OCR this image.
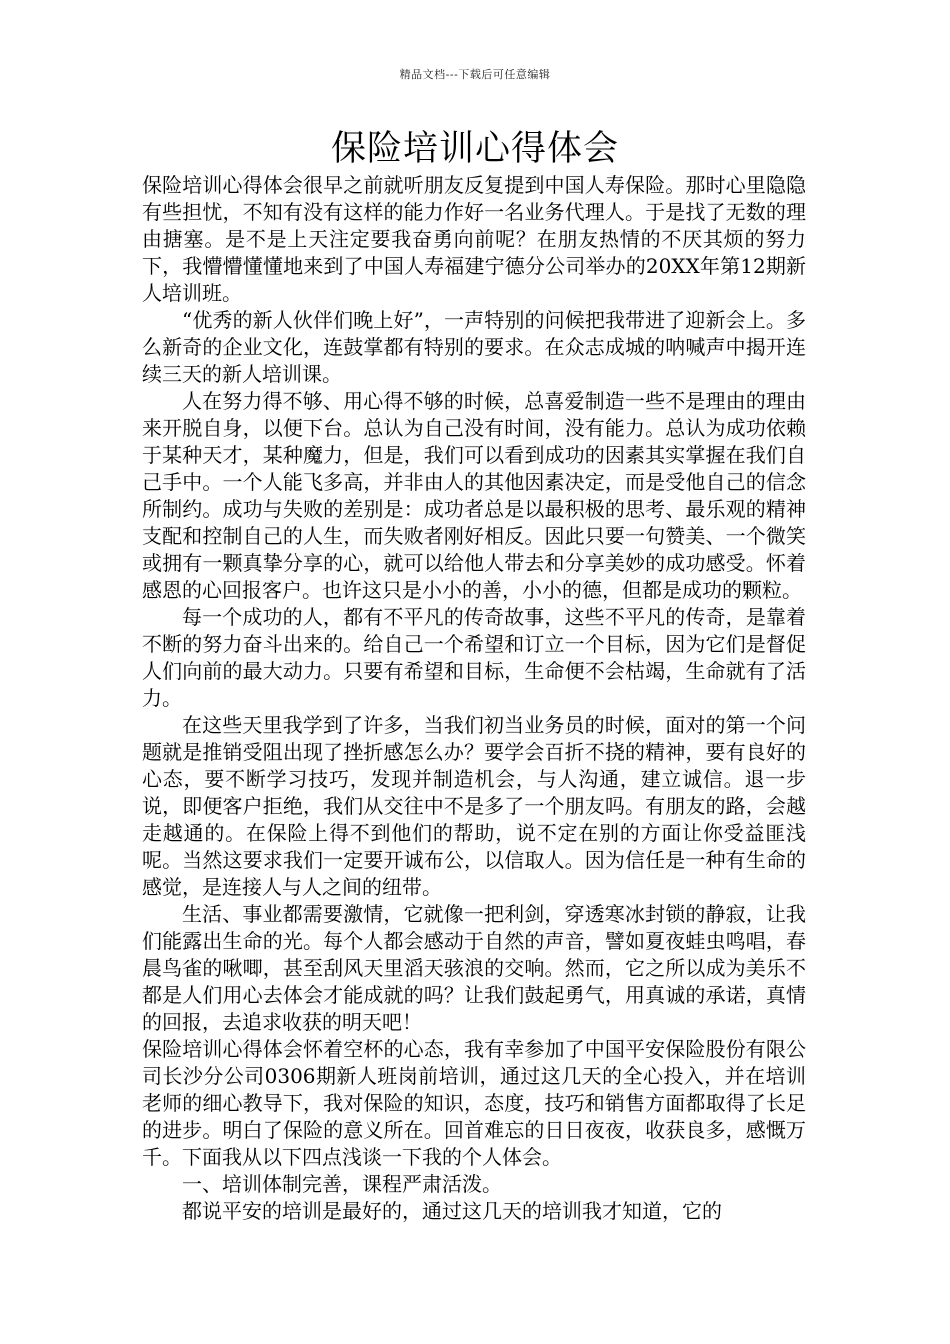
精品文档---下载后可任意编辑
保险培训心得体会

保险培训心得体会很早之前就听朋友反复提到中国人寿保险。那时心里隐隐有些担忧，不知有没有这样的能力作好一名业务代理人。于是找了无数的理由搪塞。是不是上天注定要我奋勇向前呢？在朋友热情的不厌其烦的努力下，我懵懵懂懂地来到了中国人寿福建宁德分公司举办的20XX年第12期新人培训班。

“优秀的新人伙伴们晚上好”，一声特别的问候把我带进了迎新会上。多么新奇的企业文化，连鼓掌都有特别的要求。在众志成城的呐喊声中揭开连续三天的新人培训课。

人在努力得不够、用心得不够的时候，总喜爱制造一些不是理由的理由来开脱自身，以便下台。总认为自己没有时间，没有能力。总认为成功依赖于某种天才，某种魔力，但是，我们可以看到成功的因素其实掌握在我们自己手中。一个人能飞多高，并非由人的其他因素决定，而是受他自己的信念所制约。成功与失败的差别是：成功者总是以最积极的思考、最乐观的精神支配和控制自己的人生，而失败者刚好相反。因此只要一句赞美、一个微笑或拥有一颗真挚分享的心，就可以给他人带去和分享美妙的成功感受。怀着感恩的心回报客户。也许这只是小小的善，小小的德，但都是成功的颗粒。

每一个成功的人，都有不平凡的传奇故事，这些不平凡的传奇，是靠着不断的努力奋斗出来的。给自己一个希望和订立一个目标，因为它们是督促人们向前的最大动力。只要有希望和目标，生命便不会枯竭，生命就有了活力。

在这些天里我学到了许多，当我们初当业务员的时候，面对的第一个问题就是推销受阻出现了挫折感怎么办？要学会百折不挠的精神，要有良好的心态，要不断学习技巧，发现并制造机会，与人沟通，建立诚信。退一步说，即便客户拒绝，我们从交往中不是多了一个朋友吗。有朋友的路，会越走越通的。在保险上得不到他们的帮助，说不定在别的方面让你受益匪浅呢。当然这要求我们一定要开诚布公，以信取人。因为信任是一种有生命的感觉，是连接人与人之间的纽带。

生活、事业都需要激情，它就像一把利剑，穿透寒冰封锁的静寂，让我们能露出生命的光。每个人都会感动于自然的声音，譬如夏夜蛙虫鸣唱，春晨鸟雀的啾唧，甚至刮风天里滔天骇浪的交响。然而，它之所以成为美乐不都是人们用心去体会才能成就的吗？让我们鼓起勇气，用真诚的承诺，真情的回报，去追求收获的明天吧！

保险培训心得体会怀着空杯的心态，我有幸参加了中国平安保险股份有限公司长沙分公司0306期新人班岗前培训，通过这几天的全心投入，并在培训老师的细心教导下，我对保险的知识，态度，技巧和销售方面都取得了长足的进步。明白了保险的意义所在。回首难忘的日日夜夜，收获良多，感慨万千。下面我从以下四点浅谈一下我的个人体会。

一、培训体制完善，课程严肃活泼。

都说平安的培训是最好的，通过这几天的培训我才知道，它的
